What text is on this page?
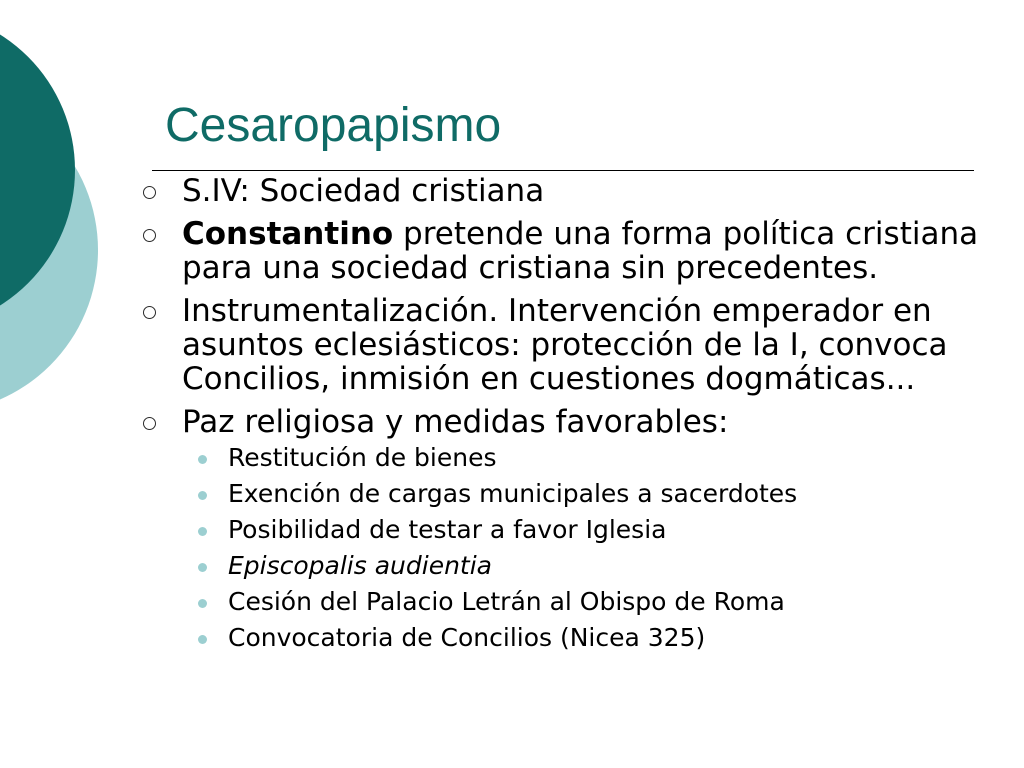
Cesaropapismo
S.IV: Sociedad cristiana
Constantino pretende una forma política cristiana para una sociedad cristiana sin precedentes.
Instrumentalización. Intervención emperador en asuntos eclesiásticos: protección de la I, convoca Concilios, inmisión en cuestiones dogmáticas...
Paz religiosa y medidas favorables:
Restitución de bienes
Exención de cargas municipales a sacerdotes
Posibilidad de testar a favor Iglesia
Episcopalis audientia
Cesión del Palacio Letrán al Obispo de Roma
Convocatoria de Concilios (Nicea 325)
